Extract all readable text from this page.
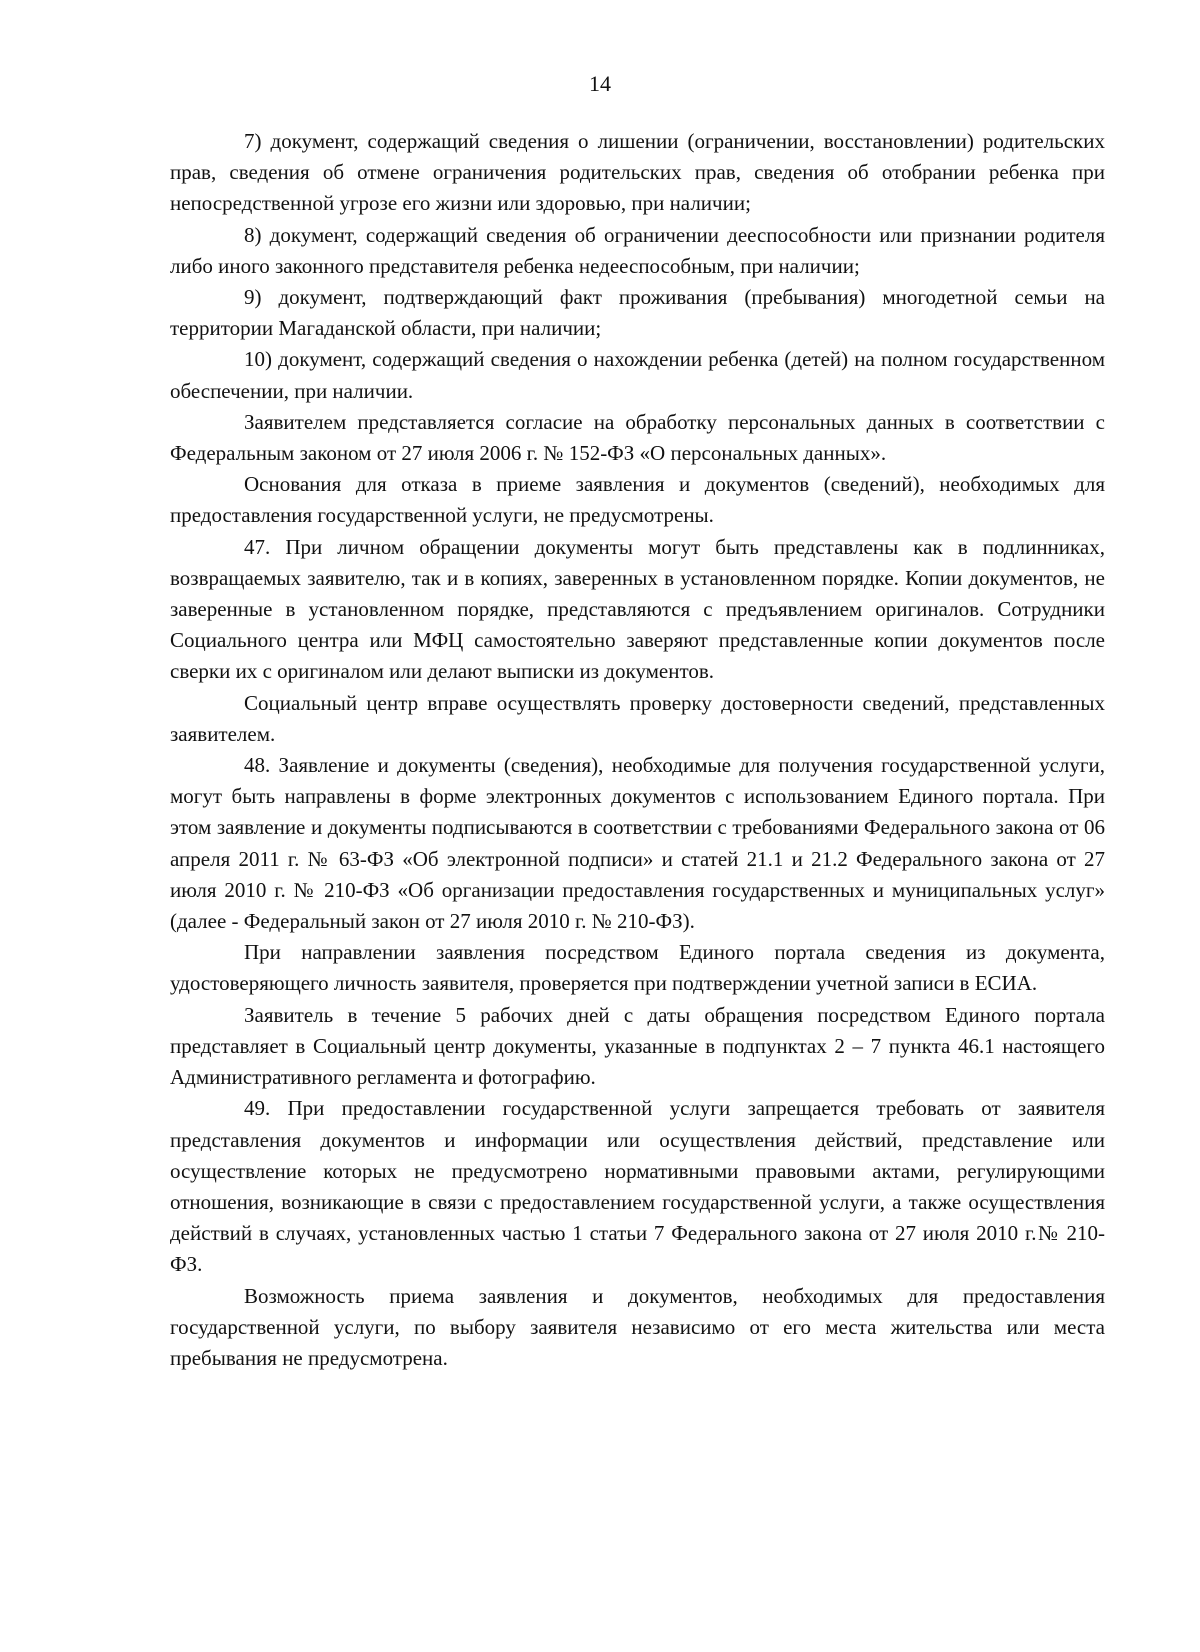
14

7) документ, содержащий сведения о лишении (ограничении, восстановлении) родительских прав, сведения об отмене ограничения родительских прав, сведения об отобрании ребенка при непосредственной угрозе его жизни или здоровью, при наличии;

8) документ, содержащий сведения об ограничении дееспособности или признании родителя либо иного законного представителя ребенка недееспособным, при наличии;

9) документ, подтверждающий факт проживания (пребывания) многодетной семьи на территории Магаданской области, при наличии;

10) документ, содержащий сведения о нахождении ребенка (детей) на полном государственном обеспечении, при наличии.

Заявителем представляется согласие на обработку персональных данных в соответствии с Федеральным законом от 27 июля 2006 г. № 152-ФЗ «О персональных данных».

Основания для отказа в приеме заявления и документов (сведений), необходимых для предоставления государственной услуги, не предусмотрены.

47. При личном обращении документы могут быть представлены как в подлинниках, возвращаемых заявителю, так и в копиях, заверенных в установленном порядке. Копии документов, не заверенные в установленном порядке, представляются с предъявлением оригиналов. Сотрудники Социального центра или МФЦ самостоятельно заверяют представленные копии документов после сверки их с оригиналом или делают выписки из документов.

Социальный центр вправе осуществлять проверку достоверности сведений, представленных заявителем.

48. Заявление и документы (сведения), необходимые для получения государственной услуги, могут быть направлены в форме электронных документов с использованием Единого портала. При этом заявление и документы подписываются в соответствии с требованиями Федерального закона от 06 апреля 2011 г. № 63-ФЗ «Об электронной подписи» и статей 21.1 и 21.2 Федерального закона от 27 июля 2010 г. № 210-ФЗ «Об организации предоставления государственных и муниципальных услуг» (далее - Федеральный закон от 27 июля 2010 г. № 210-ФЗ).

При направлении заявления посредством Единого портала сведения из документа, удостоверяющего личность заявителя, проверяется при подтверждении учетной записи в ЕСИА.

Заявитель в течение 5 рабочих дней с даты обращения посредством Единого портала представляет в Социальный центр документы, указанные в подпунктах 2 – 7 пункта 46.1 настоящего Административного регламента и фотографию.

49. При предоставлении государственной услуги запрещается требовать от заявителя представления документов и информации или осуществления действий, представление или осуществление которых не предусмотрено нормативными правовыми актами, регулирующими отношения, возникающие в связи с предоставлением государственной услуги, а также осуществления действий в случаях, установленных частью 1 статьи 7 Федерального закона от 27 июля 2010 г.№ 210-ФЗ.

Возможность приема заявления и документов, необходимых для предоставления государственной услуги, по выбору заявителя независимо от его места жительства или места пребывания не предусмотрена.
